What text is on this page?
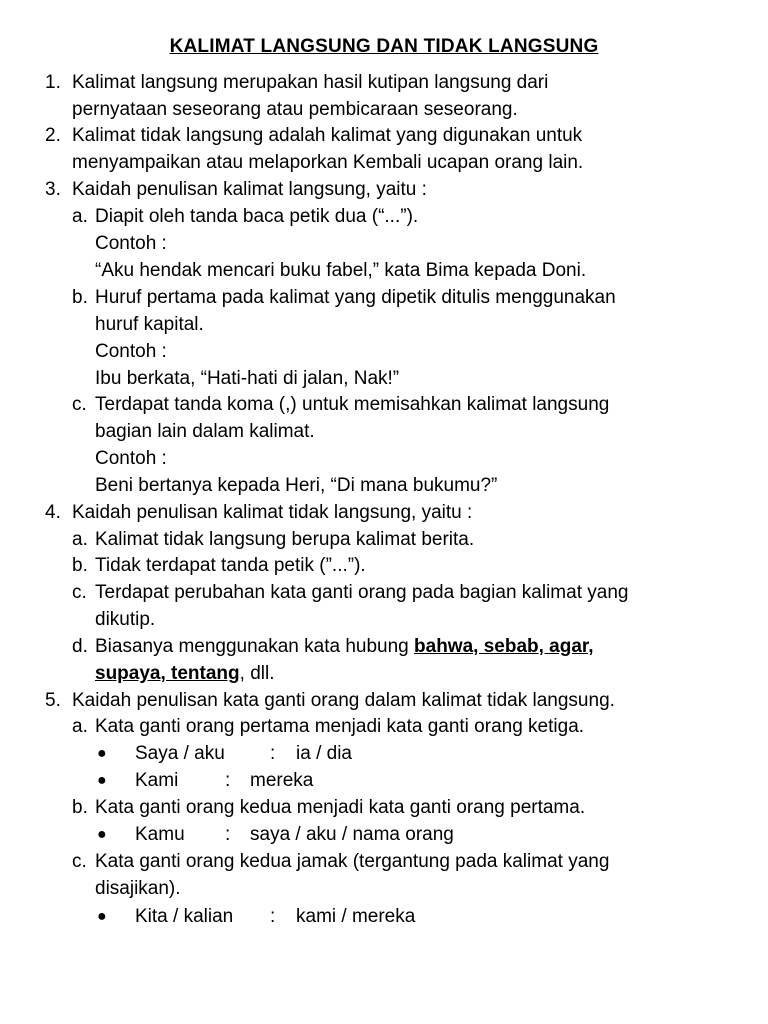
KALIMAT LANGSUNG DAN TIDAK LANGSUNG
1. Kalimat langsung merupakan hasil kutipan langsung dari
pernyataan seseorang atau pembicaraan seseorang.
2. Kalimat tidak langsung adalah kalimat yang digunakan untuk
menyampaikan atau melaporkan Kembali ucapan orang lain.
3. Kaidah penulisan kalimat langsung, yaitu :
a. Diapit oleh tanda baca petik dua (“...”).
Contoh :
“Aku hendak mencari buku fabel,” kata Bima kepada Doni.
b. Huruf pertama pada kalimat yang dipetik ditulis menggunakan
huruf kapital.
Contoh :
Ibu berkata, “Hati-hati di jalan, Nak!”
c. Terdapat tanda koma (,) untuk memisahkan kalimat langsung
bagian lain dalam kalimat.
Contoh :
Beni bertanya kepada Heri, “Di mana bukumu?”
4. Kaidah penulisan kalimat tidak langsung, yaitu :
a. Kalimat tidak langsung berupa kalimat berita.
b. Tidak terdapat tanda petik (”...”).
c. Terdapat perubahan kata ganti orang pada bagian kalimat yang
dikutip.
d. Biasanya menggunakan kata hubung bahwa, sebab, agar,
supaya, tentang, dll.
5. Kaidah penulisan kata ganti orang dalam kalimat tidak langsung.
a. Kata ganti orang pertama menjadi kata ganti orang ketiga.
● Saya / aku : ia / dia
● Kami : mereka
b. Kata ganti orang kedua menjadi kata ganti orang pertama.
● Kamu : saya / aku / nama orang
c. Kata ganti orang kedua jamak (tergantung pada kalimat yang
disajikan).
● Kita / kalian : kami / mereka
